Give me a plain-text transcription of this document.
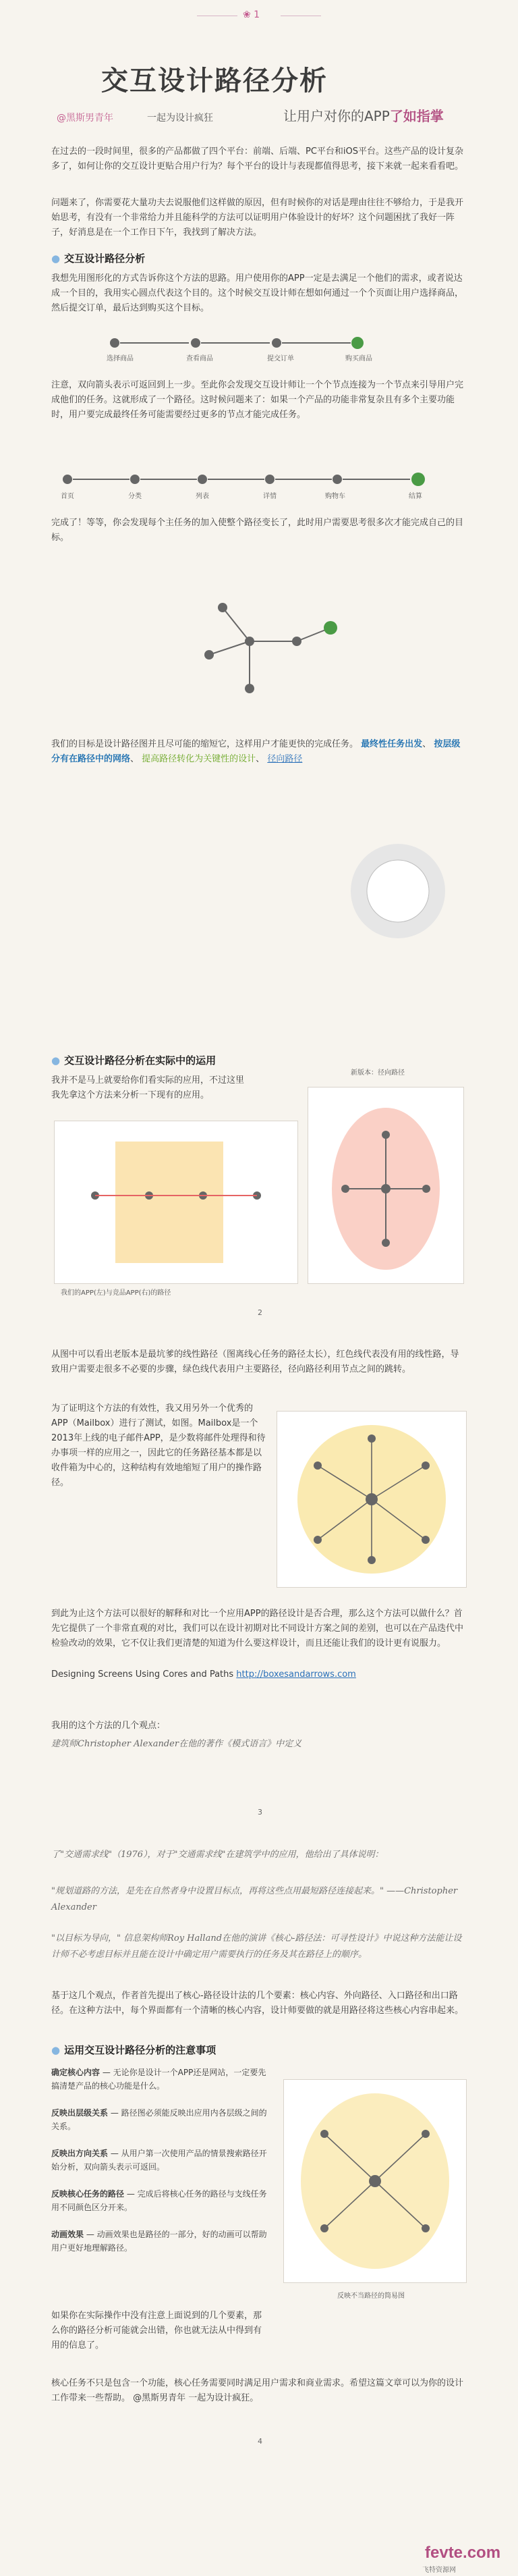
❀ 1
交互设计路径分析
@黑斯男青年	一起为设计疯狂	让用户对你的APP了如指掌
在过去的一段时间里，很多的产品都做了四个平台：前端、后端、PC平台和iOS平台。这些产品的设计复杂多了，如何让你的交互设计更贴合用户行为？每个平台的设计与表现都值得思考，接下来就一起来看看吧。
问题来了，你需要花大量功夫去说服他们这样做的原因，但有时候你的对话是理由往往不够给力，于是我开始思考，有没有一个非常给力并且能科学的方法可以证明用户体验设计的好坏？这个问题困扰了我好一阵子，好消息是在一个工作日下午，我找到了解决方法。
● 交互设计路径分析
我想先用图形化的方式告诉你这个方法的思路。用户使用你的APP一定是去满足一个他们的需求，或者说达成一个目的，我用实心圆点代表这个目的。这个时候交互设计师在想如何通过一个个页面让用户选择商品，然后提交订单，最后达到购买这个目标。
选择商品	查看商品	提交订单	购买商品
注意，双向箭头表示可返回到上一步。至此你会发现交互设计师让一个个节点连接为一个节点来引导用户完成他们的任务。这就形成了一个路径。这时候问题来了：如果一个产品的功能非常复杂且有多个主要功能时，用户要完成最终任务可能需要经过更多的节点才能完成任务。
首页	分类	列表	详情	购物车	结算
完成了！等等，你会发现每个主任务的加入使整个路径变长了，此时用户需要思考很多次才能完成自己的目标。
我们的目标是设计路径图并且尽可能的缩短它，这样用户才能更快的完成任务。 最终性任务出发、 按层级分有在路径中的网络、 提高路径转化为关键性的设计、 径向路径
● 交互设计路径分析在实际中的运用
我并不是马上就要给你们看实际的应用，不过这里我先拿这个方法来分析一下现有的应用。
我们的APP(左)与竞品APP(右)的路径
新版本：径向路径
2
从图中可以看出老版本是最坑爹的线性路径（图离线心任务的路径太长），红色线代表没有用的线性路，导致用户需要走很多不必要的步骤，绿色线代表用户主要路径，径向路径利用节点之间的跳转。
为了证明这个方法的有效性，我又用另外一个优秀的APP（Mailbox）进行了测试，如图。Mailbox是一个2013年上线的电子邮件APP，是少数将邮件处理得和待办事项一样的应用之一，因此它的任务路径基本都是以收件箱为中心的，这种结构有效地缩短了用户的操作路径。
到此为止这个方法可以很好的解释和对比一个应用APP的路径设计是否合理，那么这个方法可以做什么？首先它提供了一个非常直观的对比，我们可以在设计初期对比不同设计方案之间的差别，也可以在产品迭代中检验改动的效果，它不仅让我们更清楚的知道为什么要这样设计，而且还能让我们的设计更有说服力。
Designing Screens Using Cores and Paths http://boxesandarrows.com
我用的这个方法的几个观点：
建筑师Christopher Alexander在他的著作《模式语言》中定义
3
了"交通需求线"（1976），对于"交通需求线"在建筑学中的应用，他给出了具体说明：
"规划道路的方法，是先在自然者身中设置目标点，再将这些点用最短路径连接起来。" ——Christopher Alexander
"以目标为导向，" 信息架构师Roy Halland在他的演讲《核心-路径法：可寻性设计》中说这种方法能让设计师不必考虑目标并且能在设计中确定用户需要执行的任务及其在路径上的顺序。
基于这几个观点，作者首先提出了核心-路径设计法的几个要素：核心内容、外向路径、入口路径和出口路径。在这种方法中，每个界面都有一个清晰的核心内容，设计师要做的就是用路径将这些核心内容串起来。
● 运用交互设计路径分析的注意事项
确定核心内容 — 无论你是设计一个APP还是网站，一定要先搞清楚产品的核心功能是什么。
反映出层级关系 — 路径图必须能反映出应用内各层级之间的关系。
反映出方向关系 — 从用户第一次使用产品的情景搜索路径开始分析，双向箭头表示可返回。
反映核心任务的路径 — 完成后将核心任务的路径与支线任务用不同颜色区分开来。
动画效果 — 动画效果也是路径的一部分，好的动画可以帮助用户更好地理解路径。
反映不当路径的简易图
如果你在实际操作中没有注意上面说到的几个要素，那么你的路径分析可能就会出错，你也就无法从中得到有用的信息了。
核心任务不只是包含一个功能，核心任务需要同时满足用户需求和商业需求。希望这篇文章可以为你的设计工作带来一些帮助。 @黑斯男青年 一起为设计疯狂。
4
fevte.com
飞特资源网
